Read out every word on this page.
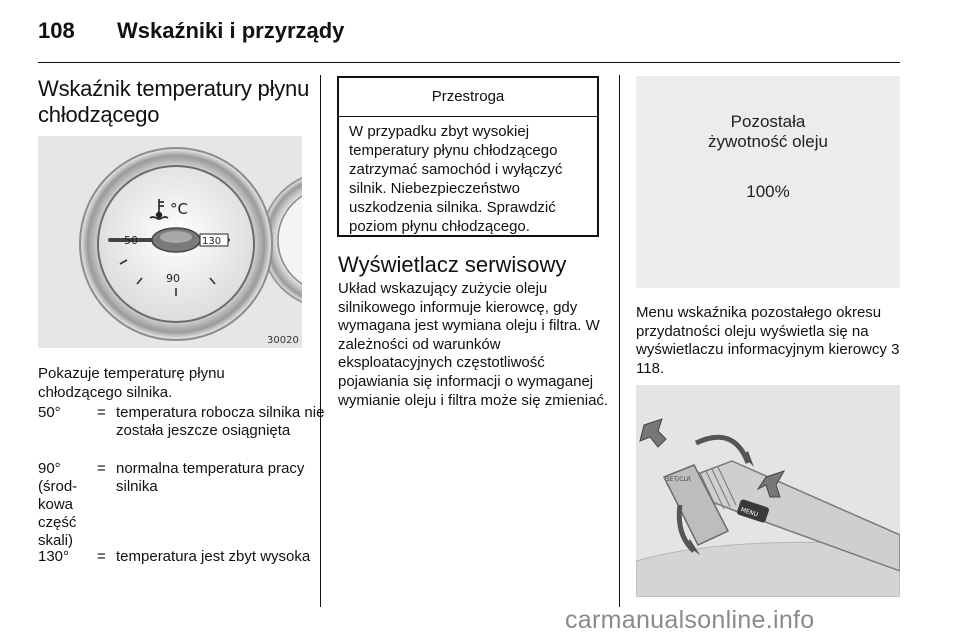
108 Wskaźniki i przyrządy
Wskaźnik temperatury płynu chłodzącego
°C
50
90
130
30020
Pokazuje temperaturę płynu chłodzącego silnika.
50°	= temperatura robocza silnika nie została jeszcze osiągnięta
90° (środ-kowa część skali)
= normalna temperatura pracy silnika
130°	= temperatura jest zbyt wysoka
Przestroga
W przypadku zbyt wysokiej temperatury płynu chłodzącego zatrzymać samochód i wyłączyć silnik. Niebezpieczeństwo uszkodzenia silnika. Sprawdzić poziom płynu chłodzącego.
Wyświetlacz serwisowy
Układ wskazujący zużycie oleju silnikowego informuje kierowcę, gdy wymagana jest wymiana oleju i filtra. W zależności od warunków eksploatacyjnych częstotliwość pojawiania się informacji o wymaganej wymianie oleju i filtra może się zmieniać.
Pozostała
żywotność oleju
100%
Menu wskaźnika pozostałego okresu przydatności oleju wyświetla się na wyświetlaczu informacyjnym kierowcy 3 118.
MENU
SET/CLR
carmanualsonline.info
